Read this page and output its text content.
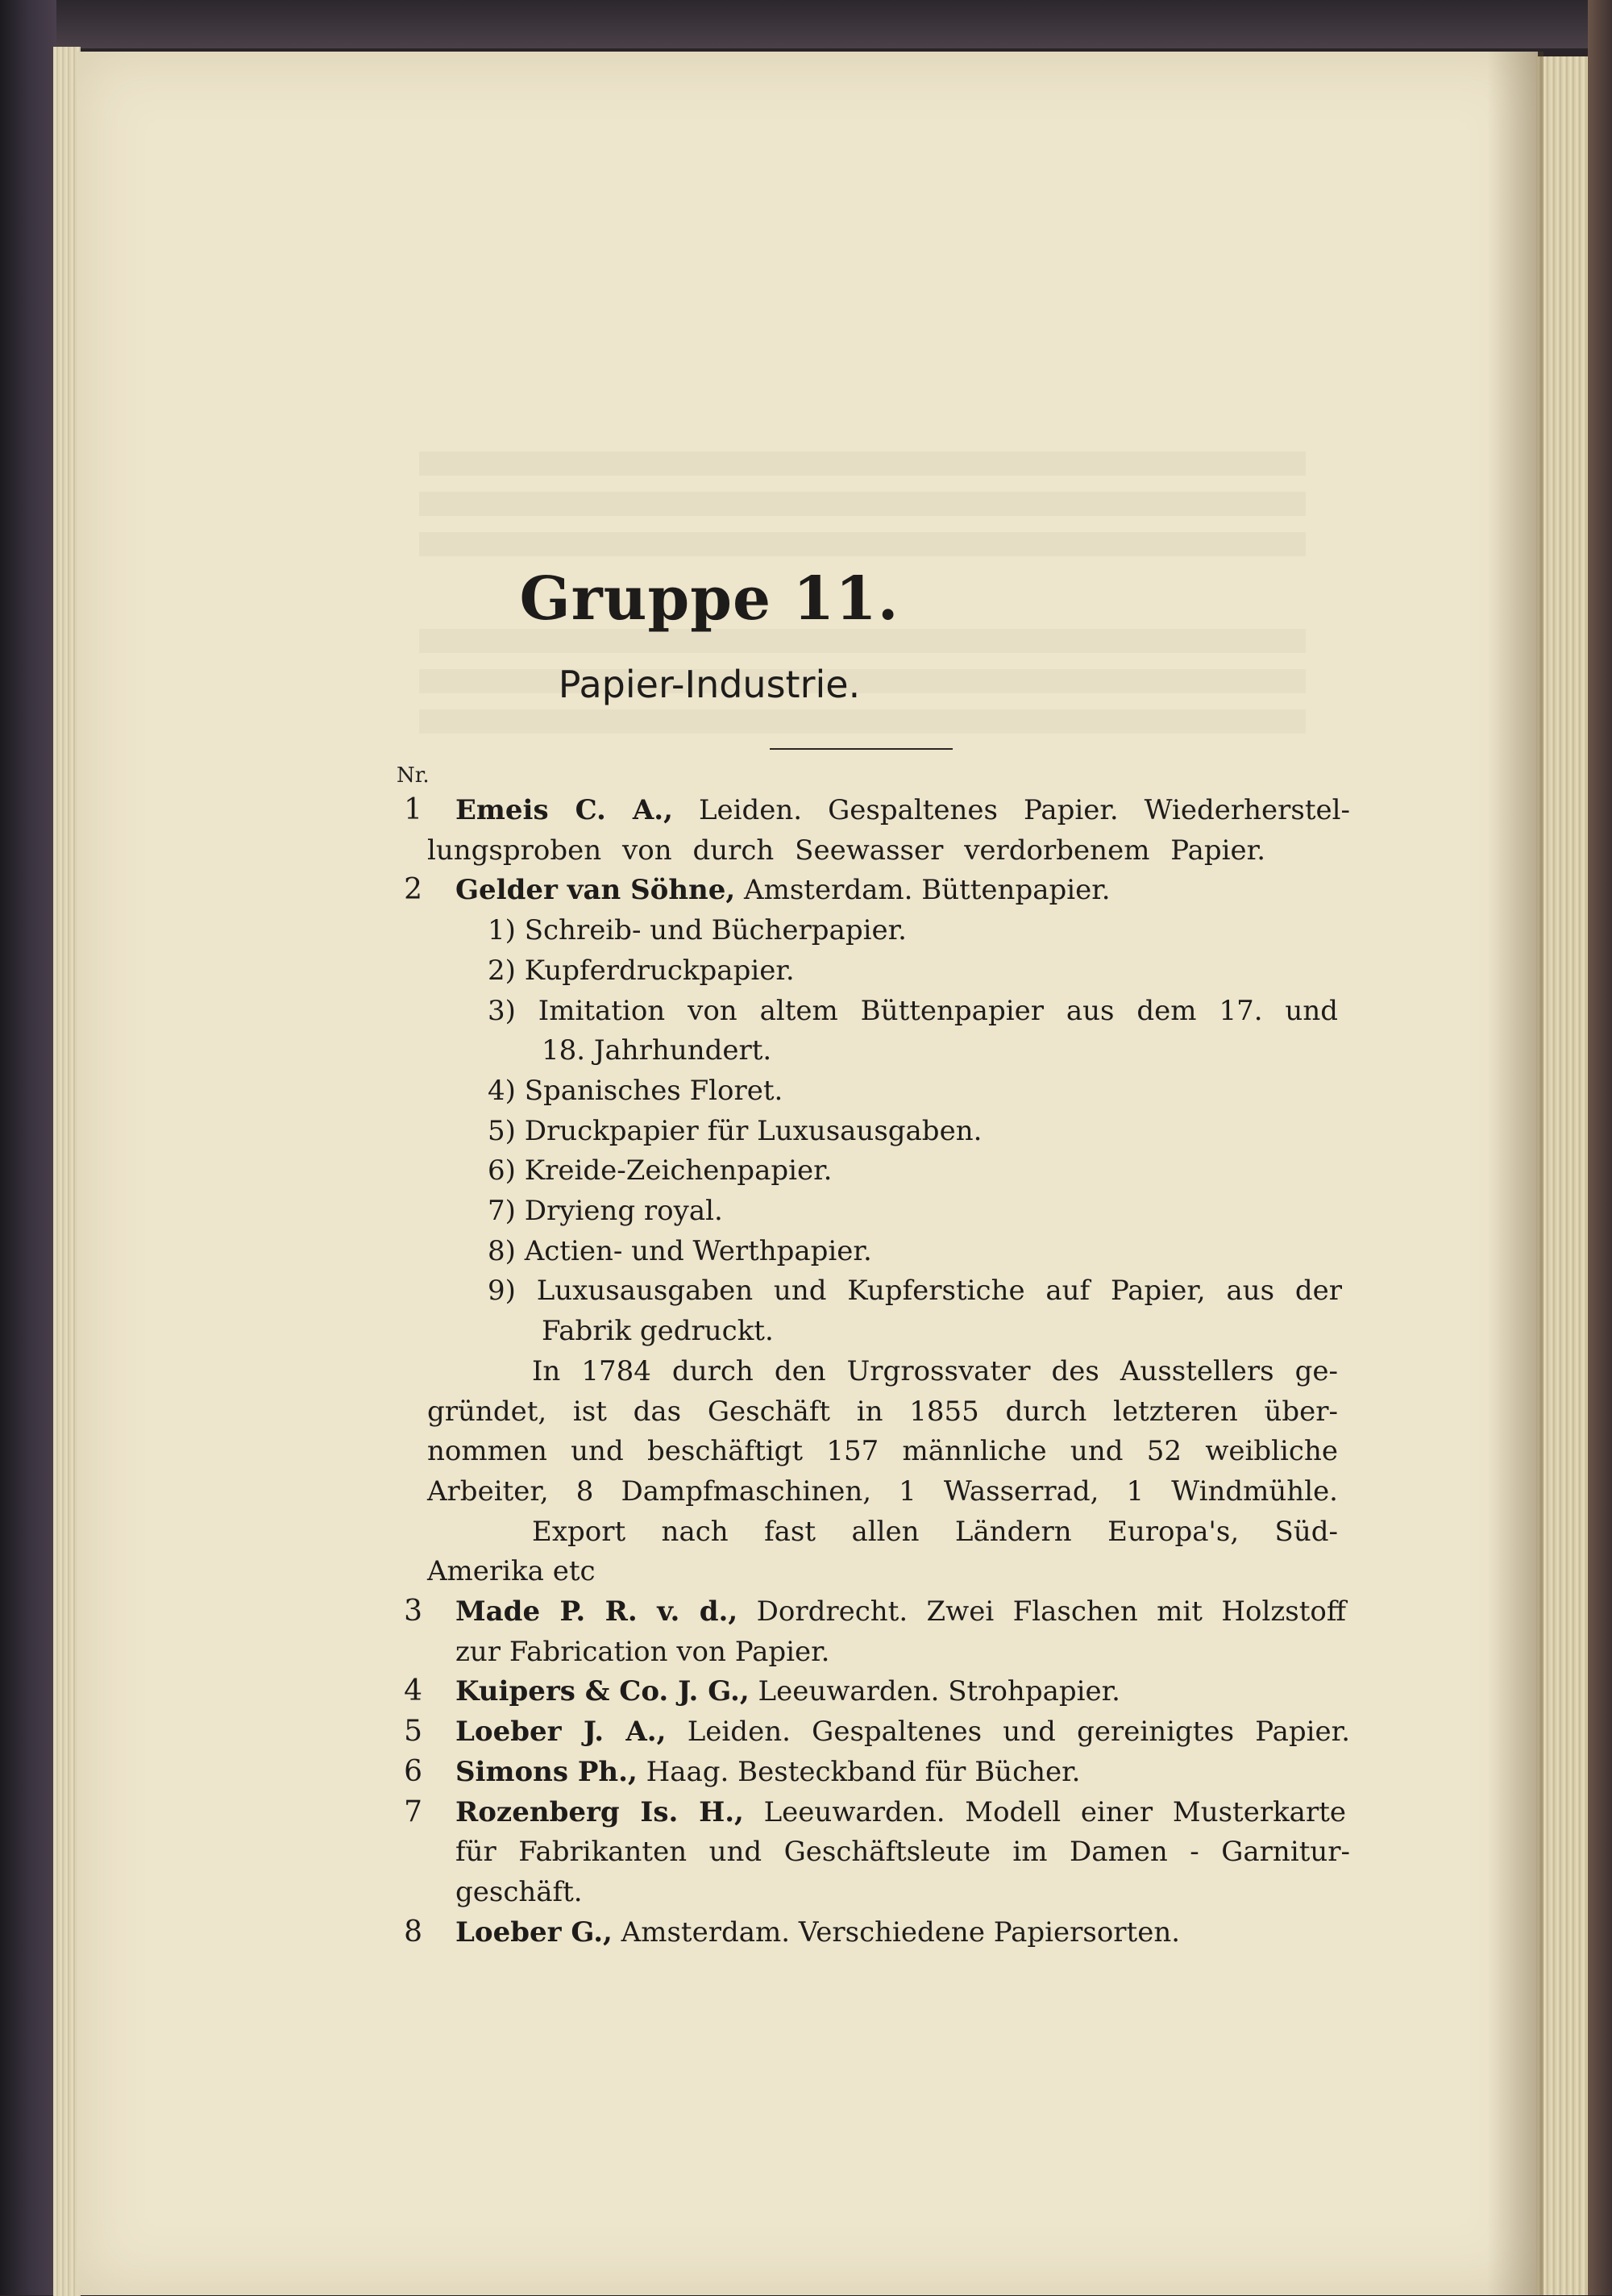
Gruppe 11.
Papier-Industrie.
Nr.
1 Emeis C. A., Leiden. Gespaltenes Papier. Wiederherstel-
lungsproben von durch Seewasser verdorbenem Papier.
2 Gelder van Söhne, Amsterdam. Büttenpapier.
1) Schreib- und Bücherpapier.
2) Kupferdruckpapier.
3) Imitation von altem Büttenpapier aus dem 17. und
18. Jahrhundert.
4) Spanisches Floret.
5) Druckpapier für Luxusausgaben.
6) Kreide-Zeichenpapier.
7) Dryieng royal.
8) Actien- und Werthpapier.
9) Luxusausgaben und Kupferstiche auf Papier, aus der
Fabrik gedruckt.
In 1784 durch den Urgrossvater des Ausstellers ge-
gründet, ist das Geschäft in 1855 durch letzteren über-
nommen und beschäftigt 157 männliche und 52 weibliche
Arbeiter, 8 Dampfmaschinen, 1 Wasserrad, 1 Windmühle.
Export nach fast allen Ländern Europa's, Süd-
Amerika etc
3 Made P. R. v. d., Dordrecht. Zwei Flaschen mit Holzstoff
zur Fabrication von Papier.
4 Kuipers & Co. J. G., Leeuwarden. Strohpapier.
5 Loeber J. A., Leiden. Gespaltenes und gereinigtes Papier.
6 Simons Ph., Haag. Besteckband für Bücher.
7 Rozenberg Is. H., Leeuwarden. Modell einer Musterkarte
für Fabrikanten und Geschäftsleute im Damen - Garnitur-
geschäft.
8 Loeber G., Amsterdam. Verschiedene Papiersorten.
